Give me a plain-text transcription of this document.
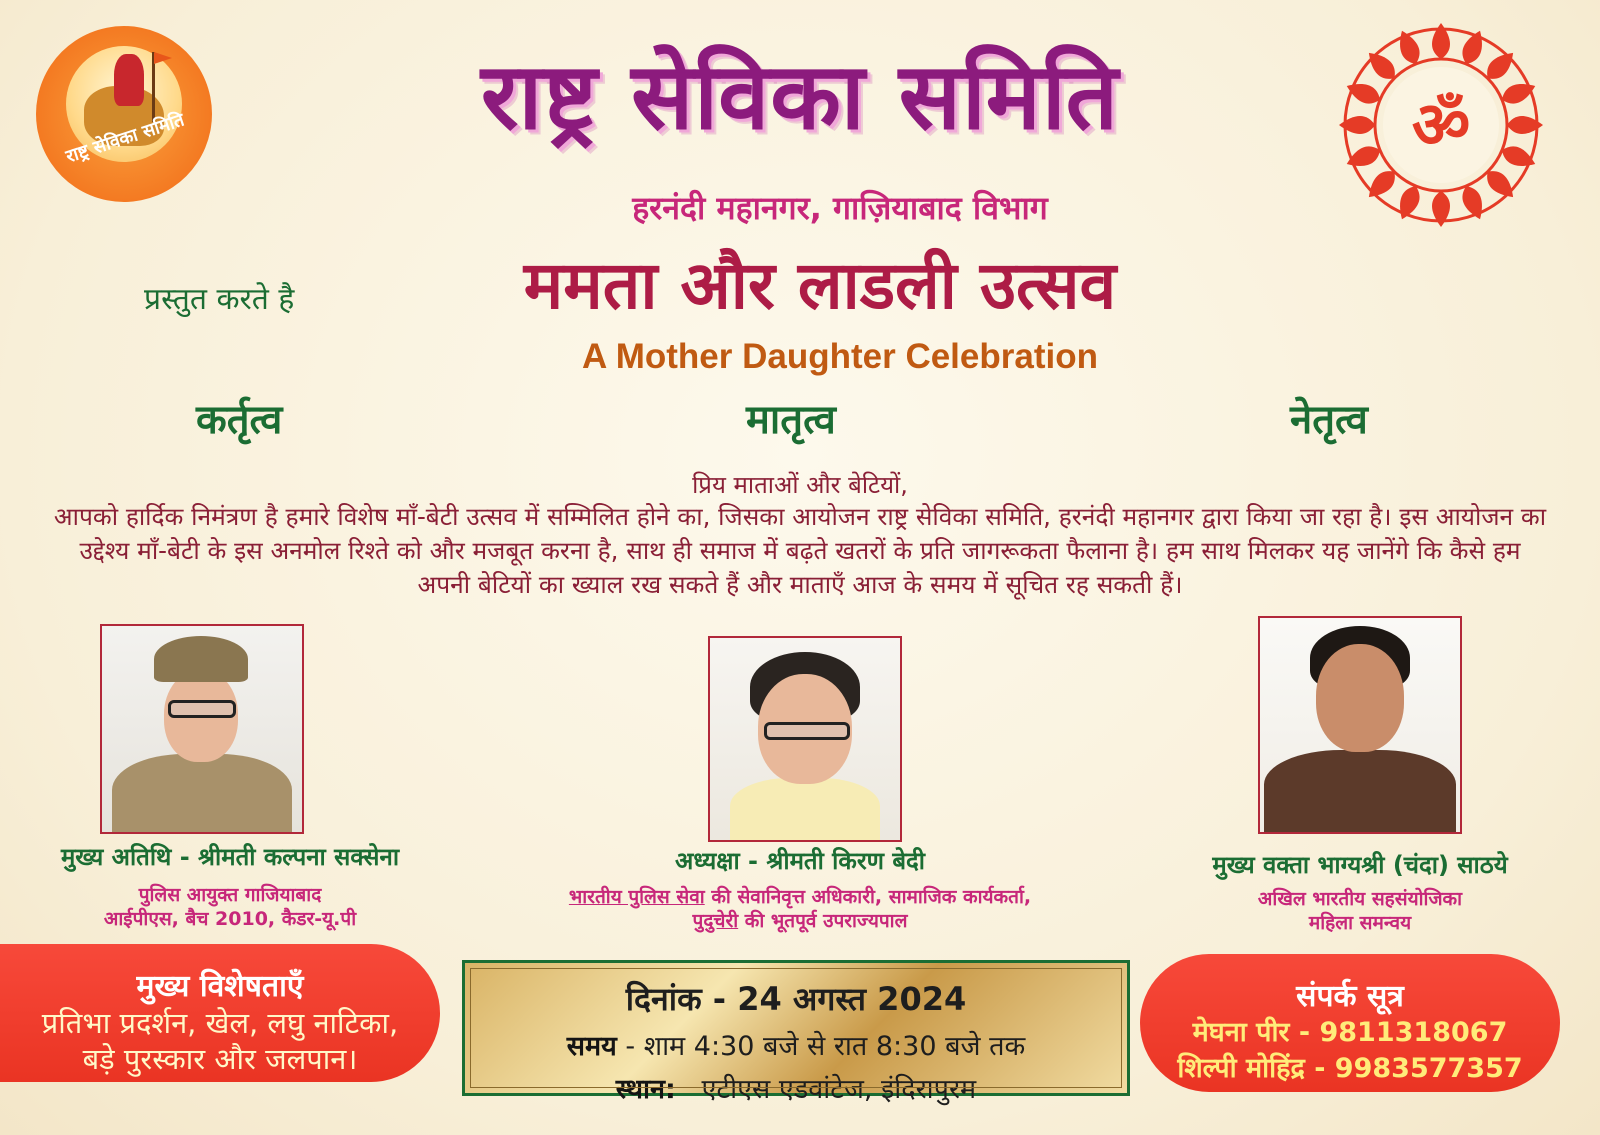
राष्ट्र सेविका समिति	ॐ
राष्ट्र सेविका समिति
हरनंदी महानगर, गाज़ियाबाद विभाग
प्रस्तुत करते है	ममता और लाडली उत्सव
A Mother Daughter Celebration
कर्तृत्व	मातृत्व	नेतृत्व
प्रिय माताओं और बेटियों,
आपको हार्दिक निमंत्रण है हमारे विशेष माँ-बेटी उत्सव में सम्मिलित होने का, जिसका आयोजन राष्ट्र सेविका समिति, हरनंदी महानगर द्वारा किया जा रहा है। इस आयोजन का उद्देश्य माँ-बेटी के इस अनमोल रिश्ते को और मजबूत करना है, साथ ही समाज में बढ़ते खतरों के प्रति जागरूकता फैलाना है। हम साथ मिलकर यह जानेंगे कि कैसे हम अपनी बेटियों का ख्याल रख सकते हैं और माताएँ आज के समय में सूचित रह सकती हैं।
मुख्य अतिथि - श्रीमती कल्पना सक्सेना
पुलिस आयुक्त गाजियाबाद
आईपीएस, बैच 2010, कैडर-यू.पी
अध्यक्षा - श्रीमती किरण बेदी
भारतीय पुलिस सेवा की सेवानिवृत्त अधिकारी, सामाजिक कार्यकर्ता,
पुदुचेरी की भूतपूर्व उपराज्यपाल
मुख्य वक्ता भाग्यश्री (चंदा) साठये
अखिल भारतीय सहसंयोजिका
महिला समन्वय
मुख्य विशेषताएँ
प्रतिभा प्रदर्शन, खेल, लघु नाटिका,
बड़े पुरस्कार और जलपान।
दिनांक - 24 अगस्त 2024
समय - शाम 4:30 बजे से रात 8:30 बजे तक
स्थान:   एटीएस एडवांटेज, इंदिरापुरम
संपर्क सूत्र
मेघना पीर - 9811318067
शिल्पी मोहिंद्र - 9983577357
